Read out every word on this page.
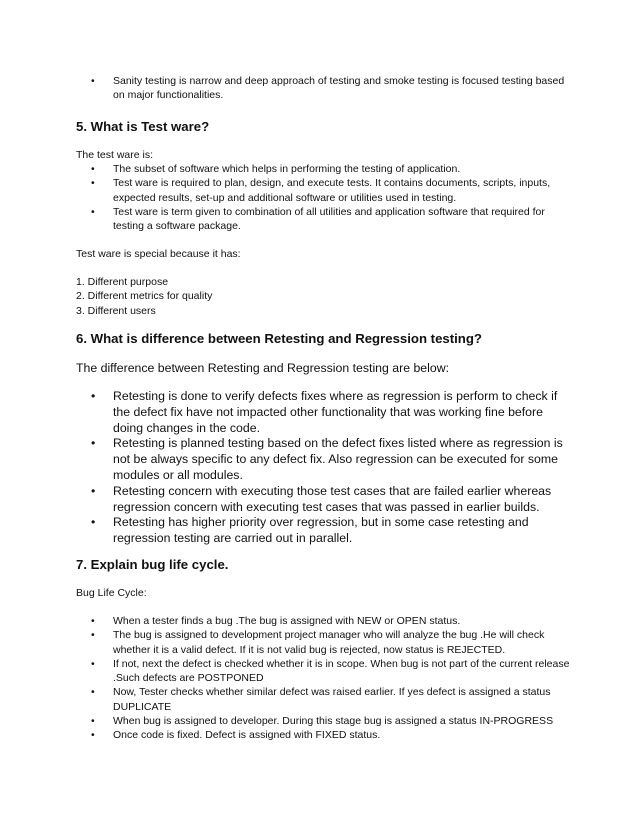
• Sanity testing is narrow and deep approach of testing and smoke testing is focused testing based on major functionalities.
5. What is Test ware?

The test ware is:

• The subset of software which helps in performing the testing of application.
• Test ware is required to plan, design, and execute tests. It contains documents, scripts, inputs, expected results, set-up and additional software or utilities used in testing.
• Test ware is term given to combination of all utilities and application software that required for testing a software package.

Test ware is special because it has:

1. Different purpose
2. Different metrics for quality
3. Different users
6. What is difference between Retesting and Regression testing?

The difference between Retesting and Regression testing are below:

• Retesting is done to verify defects fixes where as regression is perform to check if the defect fix have not impacted other functionality that was working fine before doing changes in the code.
• Retesting is planned testing based on the defect fixes listed where as regression is not be always specific to any defect fix. Also regression can be executed for some modules or all modules.
• Retesting concern with executing those test cases that are failed earlier whereas regression concern with executing test cases that was passed in earlier builds.
• Retesting has higher priority over regression, but in some case retesting and regression testing are carried out in parallel.
7. Explain bug life cycle.

Bug Life Cycle:

• When a tester finds a bug .The bug is assigned with NEW or OPEN status.
• The bug is assigned to development project manager who will analyze the bug .He will check whether it is a valid defect. If it is not valid bug is rejected, now status is REJECTED.
• If not, next the defect is checked whether it is in scope. When bug is not part of the current release .Such defects are POSTPONED
• Now, Tester checks whether similar defect was raised earlier. If yes defect is assigned a status DUPLICATE
• When bug is assigned to developer. During this stage bug is assigned a status IN-PROGRESS
• Once code is fixed. Defect is assigned with FIXED status.
